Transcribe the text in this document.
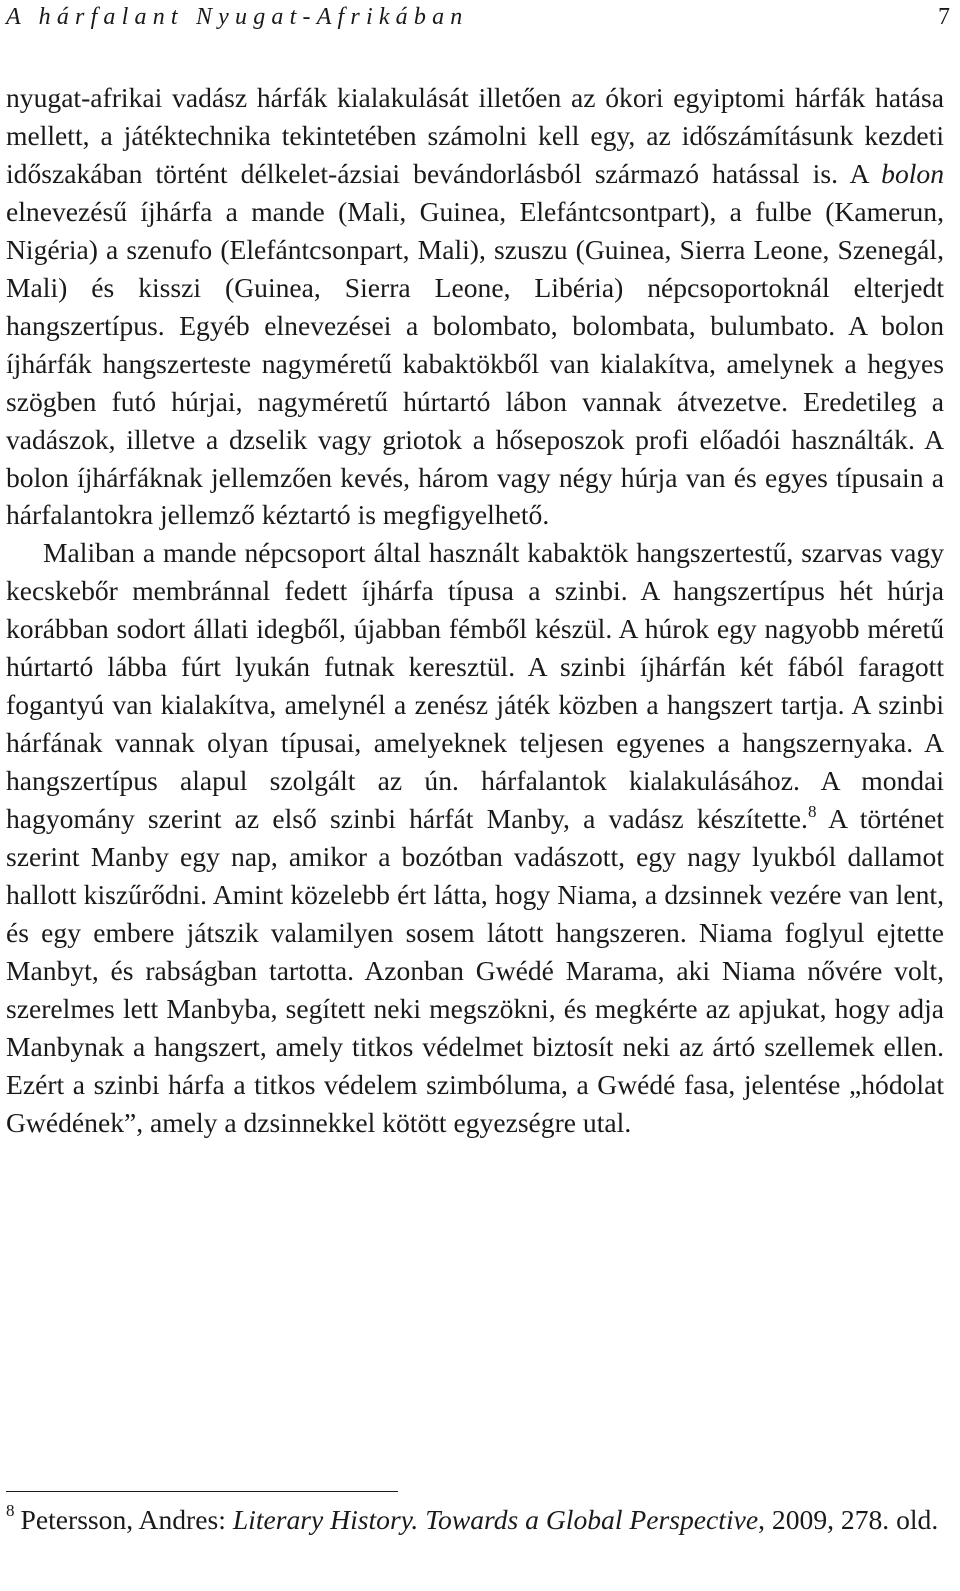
A hárfalant Nyugat-Afrikában	7

nyugat-afrikai vadász hárfák kialakulását illetően az ókori egyiptomi hárfák hatása mellett, a játéktechnika tekintetében számolni kell egy, az időszámításunk kezdeti időszakában történt délkelet-ázsiai bevándorlásból származó hatással is. A bolon elnevezésű íjhárfa a mande (Mali, Guinea, Elefántcsontpart), a fulbe (Kamerun, Nigéria) a szenufo (Elefántcsonpart, Mali), szuszu (Guinea, Sierra Leone, Szenegál, Mali) és kisszi (Guinea, Sierra Leone, Libéria) népcsoportoknál elterjedt hangszertípus. Egyéb elnevezései a bolombato, bolombata, bulumbato. A bolon íjhárfák hangszerteste nagyméretű kabaktökből van kialakítva, amelynek a hegyes szögben futó húrjai, nagyméretű húrtartó lábon vannak átvezetve. Eredetileg a vadászok, illetve a dzselik vagy griotok a hőseposzok profi előadói használták. A bolon íjhárfáknak jellemzően kevés, három vagy négy húrja van és egyes típusain a hárfalantokra jellemző kéztartó is megfigyelhető.

Maliban a mande népcsoport által használt kabaktök hangszertestű, szarvas vagy kecskebőr membránnal fedett íjhárfa típusa a szinbi. A hangszertípus hét húrja korábban sodort állati idegből, újabban fémből készül. A húrok egy nagyobb méretű húrtartó lábba fúrt lyukán futnak keresztül. A szinbi íjhárfán két fából faragott fogantyú van kialakítva, amelynél a zenész játék közben a hangszert tartja. A szinbi hárfának vannak olyan típusai, amelyeknek teljesen egyenes a hangszernyaka. A hangszertípus alapul szolgált az ún. hárfalantok kialakulásához. A mondai hagyomány szerint az első szinbi hárfát Manby, a vadász készítette.$^8$ A történet szerint Manby egy nap, amikor a bozótban vadászott, egy nagy lyukból dallamot hallott kiszűrődni. Amint közelebb ért látta, hogy Niama, a dzsinnek vezére van lent, és egy embere játszik valamilyen sosem látott hangszeren. Niama foglyul ejtette Manbyt, és rabságban tartotta. Azonban Gwédé Marama, aki Niama nővére volt, szerelmes lett Manbyba, segített neki megszökni, és megkérte az apjukat, hogy adja Manbynak a hangszert, amely titkos védelmet biztosít neki az ártó szellemek ellen. Ezért a szinbi hárfa a titkos védelem szimbóluma, a Gwédé fasa, jelentése „hódolat Gwédének”, amely a dzsinnekkel kötött egyezségre utal.

$^8$ Petersson, Andres: Literary History. Towards a Global Perspective, 2009, 278. old.
